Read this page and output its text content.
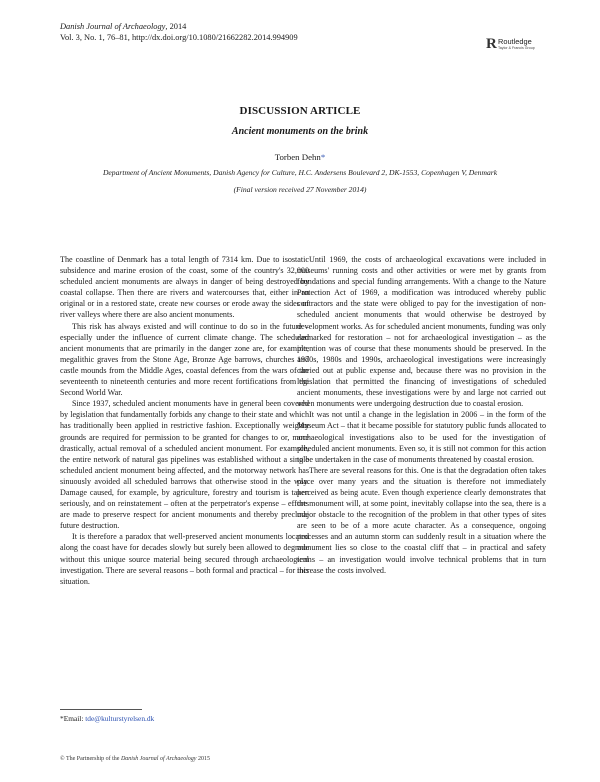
Danish Journal of Archaeology, 2014
Vol. 3, No. 1, 76–81, http://dx.doi.org/10.1080/21662282.2014.994909	R Routledge
Taylor & Francis Group
DISCUSSION ARTICLE
Ancient monuments on the brink
Torben Dehn*
Department of Ancient Monuments, Danish Agency for Culture, H.C. Andersens Boulevard 2, DK-1553, Copenhagen V, Denmark
(Final version received 27 November 2014)

The coastline of Denmark has a total length of 7314 km. Due to isostatic subsidence and marine erosion of the coast, some of the country's 32,000 scheduled ancient monuments are always in danger of being destroyed by coastal collapse. Then there are rivers and watercourses that, either in an original or in a restored state, create new courses or erode away the sides of river valleys where there are also ancient monuments.

This risk has always existed and will continue to do so in the future – especially under the influence of current climate change. The scheduled ancient monuments that are primarily in the danger zone are, for example, megalithic graves from the Stone Age, Bronze Age barrows, churches and castle mounds from the Middle Ages, coastal defences from the wars of the seventeenth to nineteenth centuries and more recent fortifications from the Second World War.

Since 1937, scheduled ancient monuments have in general been covered by legislation that fundamentally forbids any change to their state and which has traditionally been applied in restrictive fashion. Exceptionally weighty grounds are required for permission to be granted for changes to or, more drastically, actual removal of a scheduled ancient monument. For example, the entire network of natural gas pipelines was established without a single scheduled ancient monument being affected, and the motorway network has sinuously avoided all scheduled barrows that otherwise stood in the way. Damage caused, for example, by agriculture, forestry and tourism is taken seriously, and on reinstatement – often at the perpetrator's expense – efforts are made to preserve respect for ancient monuments and thereby preclude future destruction.

It is therefore a paradox that well-preserved ancient monuments located along the coast have for decades slowly but surely been allowed to degrade without this unique source material being secured through archaeological investigation. There are several reasons – both formal and practical – for this situation.

Until 1969, the costs of archaeological excavations were included in museums' running costs and other activities or were met by grants from foundations and special funding arrangements. With a change to the Nature Protection Act of 1969, a modification was introduced whereby public contractors and the state were obliged to pay for the investigation of non-scheduled ancient monuments that would otherwise be destroyed by development works. As for scheduled ancient monuments, funding was only earmarked for restoration – not for archaeological investigation – as the intention was of course that these monuments should be preserved. In the 1970s, 1980s and 1990s, archaeological investigations were increasingly carried out at public expense and, because there was no provision in the legislation that permitted the financing of investigations of scheduled ancient monuments, these investigations were by and large not carried out when monuments were undergoing destruction due to coastal erosion.

It was not until a change in the legislation in 2006 – in the form of the Museum Act – that it became possible for statutory public funds allocated to archaeological investigations also to be used for the investigation of scheduled ancient monuments. Even so, it is still not common for this action to be undertaken in the case of monuments threatened by coastal erosion.

There are several reasons for this. One is that the degradation often takes place over many years and the situation is therefore not immediately perceived as being acute. Even though experience clearly demonstrates that the monument will, at some point, inevitably collapse into the sea, there is a major obstacle to the recognition of the problem in that other types of sites are seen to be of a more acute character. As a consequence, ongoing processes and an autumn storm can suddenly result in a situation where the monument lies so close to the coastal cliff that – in practical and safety terms – an investigation would involve technical problems that in turn increase the costs involved.

*Email: tde@kulturstyrelsen.dk
© The Partnership of the Danish Journal of Archaeology 2015
